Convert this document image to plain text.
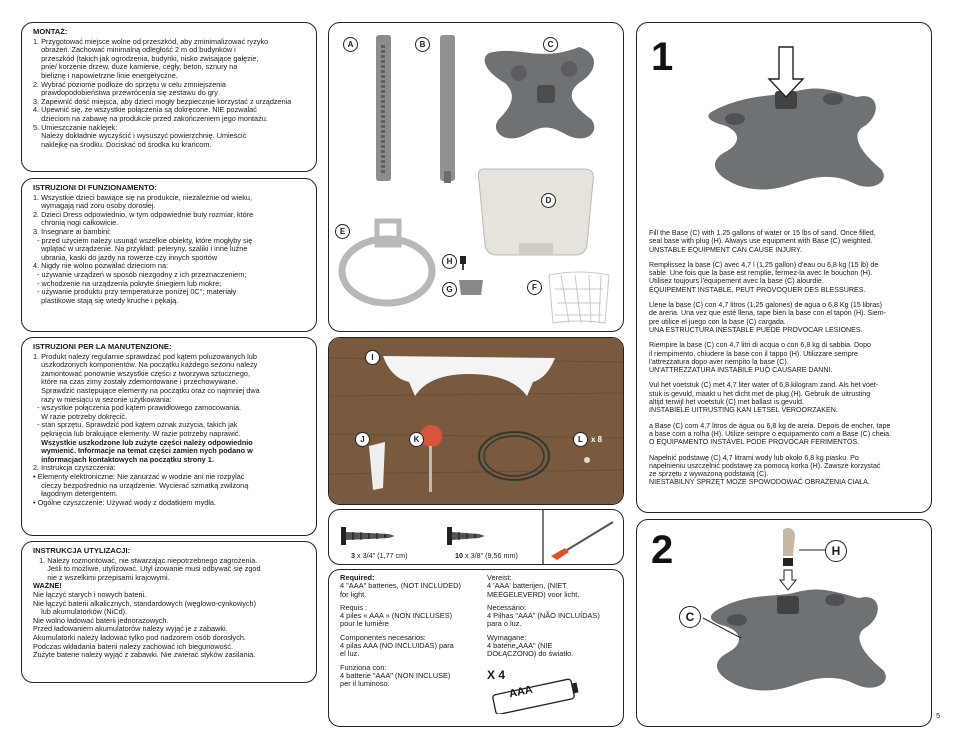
MONTAŻ:
1. Przygotować miejsce wolne od przeszkód, aby zminimalizować ryzyko
obrażeń. Zachować minimalną odległość 2 m od budynków i
przeszkód (takich jak ogrodzenia, budynki, nisko zwisające gałęzie,
pnie/ korzenie drzew, duże kamienie, cegły, beton, sznury na
bieliznę i napowietrzne linie energetyczne.
2. Wybrać poziome podłoże do sprzętu w celu zmniejszenia
prawdopodobieństwa przewrócenia się zestawu do gry
3. Zapewnić dość miejsca, aby dzieci mogły bezpiecznie korzystać z urządzenia
4. Upewnić się, że wszystkie połączenia są dokręcone. NIE pozwalać
dzieciom na zabawę na produkcie przed zakończeniem jego montażu.
5. Umieszczanie naklejek:
Należy dokładnie wyczyścić i wysuszyć powierzchnię. Umieścić
naklejkę na środku. Dociskać od środka ku krańcom.
ISTRUZIONI DI FUNZIONAMENTO:
1. Wszystkie dzieci bawiące się na produkcie, niezależnie od wieku,
wymagają nad zoru osoby dorosłej.
2. Dzieci Dress odpowiednio, w tym odpowiednie buty rozmiar, które
chronią nogi całkowicie.
3. Insegnare ai bambini:
- przed użyciem należy usunąć wszelkie obiekty, które mogłyby się
wplątać w urządzenie. Na przykład: peleryny, szaliki i inne luźne
ubrania, kaski do jazdy na rowerze czy innych sportów
4. Nigdy nie wolno pozwalać dzieciom na:
- używanie urządzeń w sposób niezgodny z ich przeznaczeniem;
- wchodzenie na urządzenia pokryte śniegiem lub mokre;
- używanie produktu przy temperaturze poniżej 0C°; materiały
plastikowe stają się wtedy kruche i pękają.
ISTRUZIONI PER LA MANUTENZIONE:
1. Produkt należy regularnie sprawdzać pod kątem poluzowanych lub
uszkodzonych komponentów. Na początku każdego sezonu należy
zamontować ponownie wszystkie części z tworzywa sztucznego,
które na czas zimy zostały zdemontowane i przechowywane.
Sprawdzić następujące elementy na początku oraz co najmniej dwa
razy w miesiącu w sezonie użytkowania:
- wszystkie połączenia pod kątem prawidłowego zamocowania.
W razie potrzeby dokręcić.
- stan sprzętu. Sprawdzić pod kątem oznak zużycia, takich jak
pęknięcia lub brakujące elementy. W razie potrzeby naprawić.
Wszystkie uszkodzone lub zużyte części należy odpowiednio
wymienić. Informacje na temat części zamien nych podano w
informacjach kontaktowych na początku strony 1.
2. Instrukcja czyszczenia:
• Elementy elektroniczne: Nie zanurzać w wodzie ani nie rozpylać
cieczy bezpośrednio na urządzenie. Wycierać szmatką zwilżoną
łagodnym detergentem.
• Ogólne czyszczenie: Używać wody z dodatkiem mydła.
INSTRUKCJA UTYLIZACJI:
1. Należy rozmontować, nie stwarzając niepotrzebnego zagrożenia.
Jeśli to możliwe, utylizować. Utyl izowanie musi odbywać się zgod
nie z wszelkimi przepisami krajowymi.
WAŻNE!
Nie łączyć starych i nowych baterii.
Nie łączyć baterii alkalicznych, standardowych (węglowo-cynkowych)
lub akumulatorków (NiCd).
Nie wolno ładować baterii jednorazowych.
Przed ładowaniem akumulatorów należy wyjąć je z zabawki.
Akumulatorki należy ładować tylko pod nadzorem osób dorosłych.
Podczas wkładania baterii należy zachować ich biegunowość.
Zużyte baterie należy wyjąć z zabawki. Nie zwierać styków zasilania.
A	B	C
D
E
H
G	F
I
J	K	L	x 8
3 x 3/4" (1,77 cm)	10 x 3/8" (9,56 mm)
Required:
4 "AAA" batteries, (NOT INCLUDED)
for light.
Requis :
4 piles « AAA » (NON INCLUSES)
pour le lumière
Componentes necesarios:
4 pilas AAA (NO INCLUIDAS) para
el luz.
Funziona con:
4 batterie "AAA" (NON INCLUSE)
per il luminoso.
Vereist:
4 'AAA' batterijen, (NIET
MEEGELEVERD) voor licht.
Necessário:
4 Pilhas "AAA" (NÃO INCLUÍDAS)
para o luz.
Wymagane:
4 baterie„AAA" (NIE
DOŁĄCZONO) do światło.
X 4
AAA
1
Fill the Base (C) with 1.25 gallons of water or 15 lbs of sand. Once filled,
seal base with plug (H). Always use equipment with Base (C) weighted.
UNSTABLE EQUIPMENT CAN CAUSE INJURY.
Remplissez la base (C) avec 4,7 l (1,25 gallon) d'eau ou 6,8 kg (15 lb) de
sable. Une fois que la base est remplie, fermez-la avec le bouchon (H).
Utilisez toujours l'équipement avec la base (C) alourdie.
ÉQUIPEMENT INSTABLE. PEUT PROVOQUER DES BLESSURES.
Llene la base (C) con 4,7 litros (1,25 galones) de agua o 6,8 Kg (15 libras)
de arena. Una vez que esté llena, tape bien la base con el tapón (H). Siem-
pre utilice el juego con la base (C) cargada.
UNA ESTRUCTURA INESTABLE PUEDE PROVOCAR LESIONES.
Riempire la base (C) con 4,7 litri di acqua o con 6,8 kg di sabbia. Dopo
il riempimento, chiudere la base con il tappo (H). Utilizzare sempre
l'attrezzatura dopo aver riempito la base (C).
UN'ATTREZZATURA INSTABILE PUÒ CAUSARE DANNI.
Vul het voetstuk (C) met 4,7 liter water of 6,8 kilogram zand. Als het voet-
stuk is gevuld, maakt u het dicht met de plug (H). Gebruik de uitrusting
altijd terwijl het voetstuk (C) met ballast is gevuld.
INSTABIELE UITRUSTING KAN LETSEL VEROORZAKEN.
a Base (C) com 4,7 litros de água ou 6,8 kg de areia. Depois de encher, tape
a base com a rolha (H). Utilize sempre o equipamento com a Base (C) cheia.
O EQUIPAMENTO INSTÁVEL PODE PROVOCAR FERIMENTOS.
Napełnić podstawę (C) 4,7 litrami wody lub około 6,8 kg piasku. Po
napełnieniu uszczelnić podstawę za pomocą korka (H). Zawsze korzystać
ze sprzętu z wyważoną podstawą (C).
NIESTABILNY SPRZĘT MOŻE SPOWODOWAĆ OBRAŻENIA CIAŁA.
2	H
C
5
